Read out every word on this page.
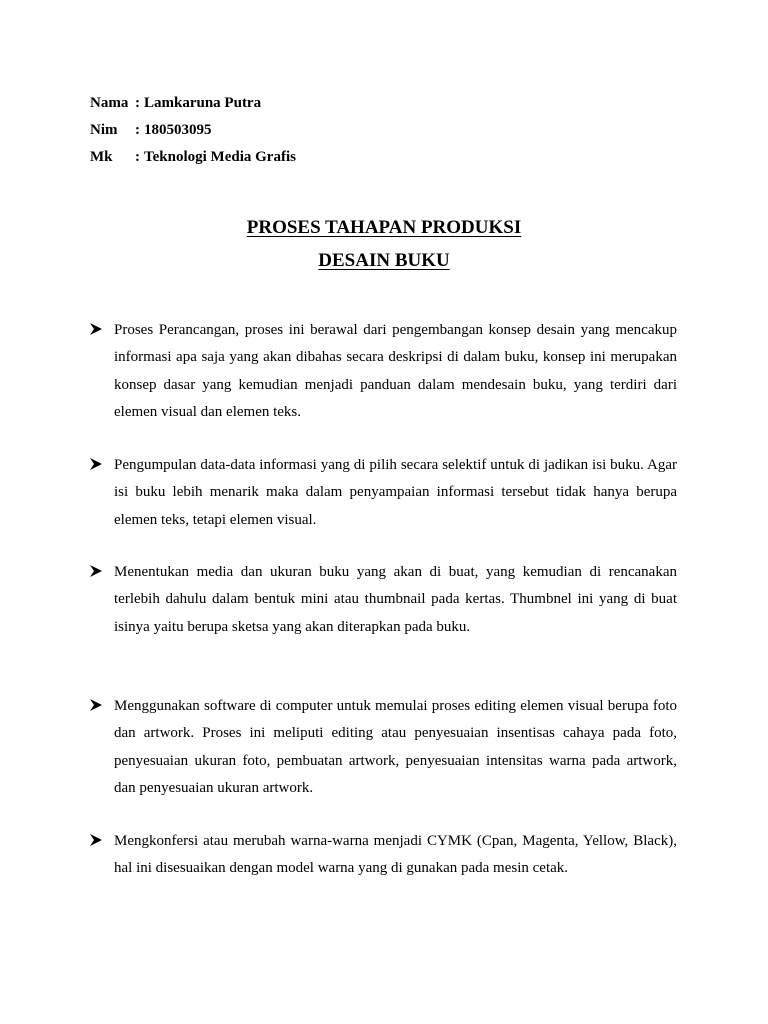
Nama : Lamkaruna Putra
Nim	: 180503095
Mk	: Teknologi Media Grafis
PROSES TAHAPAN PRODUKSI
DESAIN BUKU
Proses Perancangan, proses ini berawal dari pengembangan konsep desain yang mencakup informasi apa saja yang akan dibahas secara deskripsi di dalam buku, konsep ini merupakan konsep dasar yang kemudian menjadi panduan dalam mendesain buku, yang terdiri dari elemen visual dan elemen teks.
Pengumpulan data-data informasi yang di pilih secara selektif untuk di jadikan isi buku. Agar isi buku lebih menarik maka dalam penyampaian informasi tersebut tidak hanya berupa elemen teks, tetapi elemen visual.
Menentukan media dan ukuran buku yang akan di buat, yang kemudian di rencanakan terlebih dahulu dalam bentuk mini atau thumbnail pada kertas. Thumbnel ini yang di buat isinya yaitu berupa sketsa yang akan diterapkan pada buku.
Menggunakan software di computer untuk memulai proses editing elemen visual berupa foto dan artwork. Proses ini meliputi editing atau penyesuaian insentisas cahaya pada foto, penyesuaian ukuran foto, pembuatan artwork, penyesuaian intensitas warna pada artwork, dan penyesuaian ukuran artwork.
Mengkonfersi atau merubah warna-warna menjadi CYMK (Cpan, Magenta, Yellow, Black), hal ini disesuaikan dengan model warna yang di gunakan pada mesin cetak.
